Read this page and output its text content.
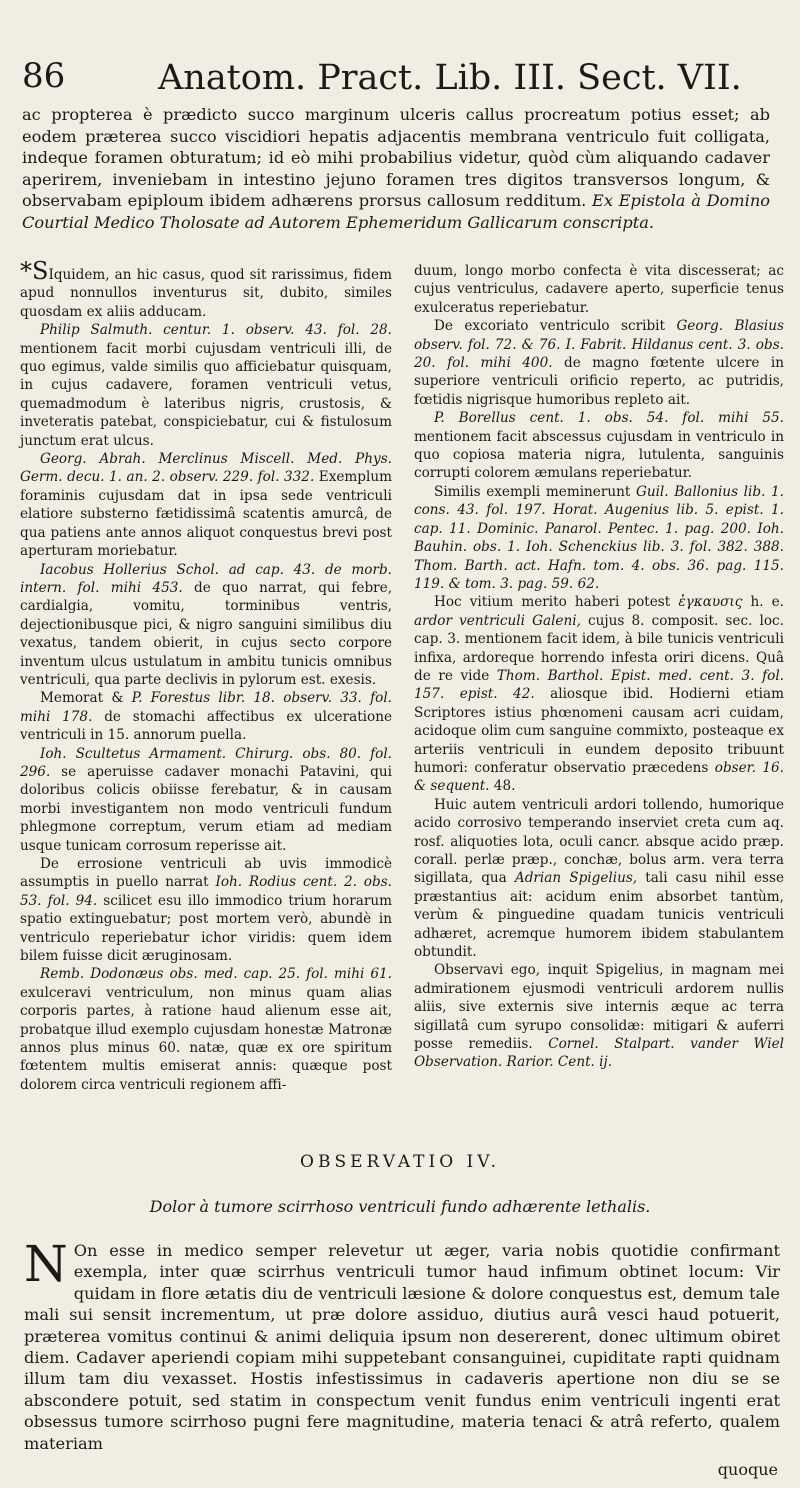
86	Anatom. Pract. Lib. III. Sect. VII.
ac propterea è prædicto succo marginum ulceris callus procreatum potius esset; ab eodem præterea succo viscidiori hepatis adjacentis membrana ventriculo fuit colligata, indeque foramen obturatum; id eò mihi probabilius videtur, quòd cùm aliquando cadaver aperirem, inveniebam in intestino jejuno foramen tres digitos transversos longum, & observabam epiploum ibidem adhærens prorsus callosum redditum. Ex Epistola à Domino Courtial Medico Tholosate ad Autorem Ephemeridum Gallicarum conscripta.

*SIquidem, an hic casus, quod sit rarissimus, fidem apud nonnullos inventurus sit, dubito, similes quosdam ex aliis adducam.

Philip Salmuth. centur. 1. observ. 43. fol. 28. mentionem facit morbi cujusdam ventriculi illi, de quo egimus, valde similis quo afficiebatur quisquam, in cujus cadavere, foramen ventriculi vetus, quemadmodum è lateribus nigris, crustosis, & inveteratis patebat, conspiciebatur, cui & fistulosum junctum erat ulcus.

Georg. Abrah. Merclinus Miscell. Med. Phys. Germ. decu. 1. an. 2. observ. 229. fol. 332. Exemplum foraminis cujusdam dat in ipsa sede ventriculi elatiore substerno fætidissimâ scatentis amurcâ, de qua patiens ante annos aliquot conquestus brevi post aperturam moriebatur.

Iacobus Hollerius Schol. ad cap. 43. de morb. intern. fol. mihi 453. de quo narrat, qui febre, cardialgia, vomitu, torminibus ventris, dejectionibusque pici, & nigro sanguini similibus diu vexatus, tandem obierit, in cujus secto corpore inventum ulcus ustulatum in ambitu tunicis omnibus ventriculi, qua parte declivis in pylorum est. exesis.

Memorat & P. Forestus libr. 18. observ. 33. fol. mihi 178. de stomachi affectibus ex ulceratione ventriculi in 15. annorum puella.

Ioh. Scultetus Armament. Chirurg. obs. 80. fol. 296. se aperuisse cadaver monachi Patavini, qui doloribus colicis obiisse ferebatur, & in causam morbi investigantem non modo ventriculi fundum phlegmone correptum, verum etiam ad mediam usque tunicam corrosum reperisse ait.

De errosione ventriculi ab uvis immodicè assumptis in puello narrat Ioh. Rodius cent. 2. obs. 53. fol. 94. scilicet esu illo immodico trium horarum spatio extinguebatur; post mortem verò, abundè in ventriculo reperiebatur ichor viridis: quem idem bilem fuisse dicit æruginosam.

Remb. Dodonæus obs. med. cap. 25. fol. mihi 61. exulceravi ventriculum, non minus quam alias corporis partes, à ratione haud alienum esse ait, probatque illud exemplo cujusdam honestæ Matronæ annos plus minus 60. natæ, quæ ex ore spiritum fœtentem multis emiserat annis: quæque post dolorem circa ventriculi regionem affi-

duum, longo morbo confecta è vita discesserat; ac cujus ventriculus, cadavere aperto, superficie tenus exulceratus reperiebatur.

De excoriato ventriculo scribit Georg. Blasius observ. fol. 72. & 76. I. Fabrit. Hildanus cent. 3. obs. 20. fol. mihi 400. de magno fœtente ulcere in superiore ventriculi orificio reperto, ac putridis, fœtidis nigrisque humoribus repleto ait.

P. Borellus cent. 1. obs. 54. fol. mihi 55. mentionem facit abscessus cujusdam in ventriculo in quo copiosa materia nigra, lutulenta, sanguinis corrupti colorem æmulans reperiebatur.

Similis exempli meminerunt Guil. Ballonius lib. 1. cons. 43. fol. 197. Horat. Augenius lib. 5. epist. 1. cap. 11. Dominic. Panarol. Pentec. 1. pag. 200. Ioh. Bauhin. obs. 1. Ioh. Schenckius lib. 3. fol. 382. 388. Thom. Barth. act. Hafn. tom. 4. obs. 36. pag. 115. 119. & tom. 3. pag. 59. 62.

Hoc vitium merito haberi potest ἐγκαυσις h. e. ardor ventriculi Galeni, cujus 8. composit. sec. loc. cap. 3. mentionem facit idem, à bile tunicis ventriculi infixa, ardoreque horrendo infesta oriri dicens. Quâ de re vide Thom. Barthol. Epist. med. cent. 3. fol. 157. epist. 42. aliosque ibid. Hodierni etiam Scriptores istius phœnomeni causam acri cuidam, acidoque olim cum sanguine commixto, posteaque ex arteriis ventriculi in eundem deposito tribuunt humori: conferatur observatio præcedens obser. 16. & sequent. 48.

Huic autem ventriculi ardori tollendo, humorique acido corrosivo temperando inserviet creta cum aq. rosf. aliquoties lota, oculi cancr. absque acido præp. corall. perlæ præp., conchæ, bolus arm. vera terra sigillata, qua Adrian Spigelius, tali casu nihil esse præstantius ait: acidum enim absorbet tantùm, verùm & pinguedine quadam tunicis ventriculi adhæret, acremque humorem ibidem stabulantem obtundit.

Observavi ego, inquit Spigelius, in magnam mei admirationem ejusmodi ventriculi ardorem nullis aliis, sive externis sive internis æque ac terra sigillatâ cum syrupo consolidæ: mitigari & auferri posse remediis. Cornel. Stalpart. vander Wiel Observation. Rarior. Cent. ij.

OBSERVATIO IV.
Dolor à tumore scirrhoso ventriculi fundo adhærente lethalis.
N On esse in medico semper relevetur ut æger, varia nobis quotidie confirmant exempla, inter quæ scirrhus ventriculi tumor haud infimum obtinet locum: Vir quidam in flore ætatis diu de ventriculi læsione & dolore conquestus est, demum tale mali sui sensit incrementum, ut præ dolore assiduo, diutius aurâ vesci haud potuerit, præterea vomitus continui & animi deliquia ipsum non desererent, donec ultimum obiret diem. Cadaver aperiendi copiam mihi suppetebant consanguinei, cupiditate rapti quidnam illum tam diu vexasset. Hostis infestissimus in cadaveris apertione non diu se se abscondere potuit, sed statim in conspectum venit fundus enim ventriculi ingenti erat obsessus tumore scirrhoso pugni fere magnitudine, materia tenaci & atrâ referto, qualem materiam
quoque
